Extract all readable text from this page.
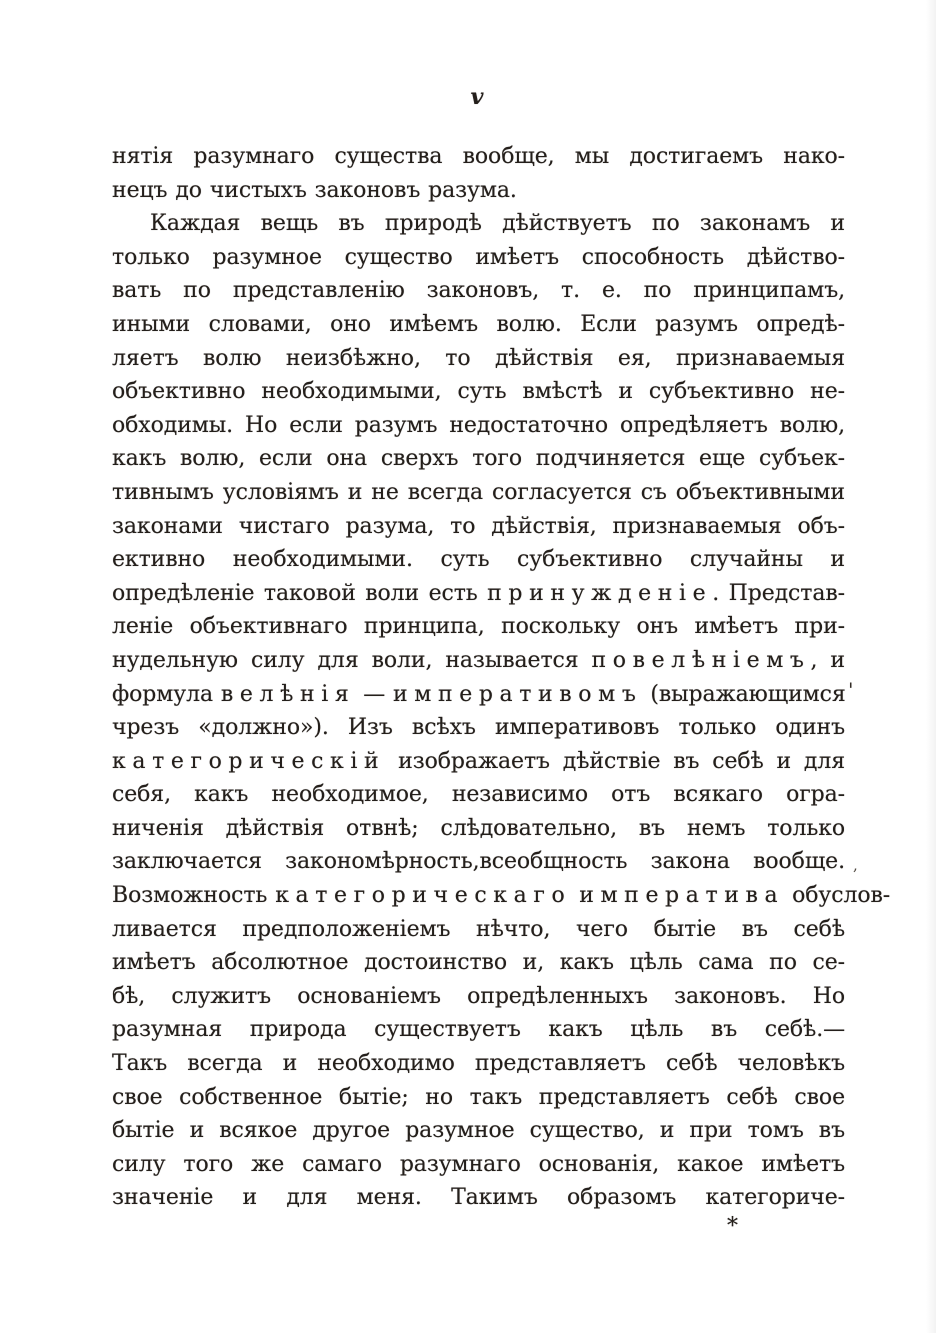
v
нятія разумнаго существа вообще, мы достигаемъ нако-
нецъ до чистыхъ законовъ разума.
Каждая вещь въ природѣ дѣйствуетъ по законамъ и
только разумное существо имѣетъ способность дѣйство-
вать по представленію законовъ, т. е. по принципамъ,
иными словами, оно имѣемъ волю. Если разумъ опредѣ-
ляетъ волю неизбѣжно, то дѣйствія ея, признаваемыя
объективно необходимыми, суть вмѣстѣ и субъективно не-
обходимы. Но если разумъ недостаточно опредѣляетъ волю,
какъ волю, если она сверхъ того подчиняется еще субъек-
тивнымъ условіямъ и не всегда согласуется съ объективными
законами чистаго разума, то дѣйствія, признаваемыя объ-
ективно необходимыми. суть субъективно случайны и
опредѣленіе таковой воли есть принужденіе. Представ-
леніе объективнаго принципа, поскольку онъ имѣетъ при-
нудельную силу для воли, называется повелѣніемъ, и
формула велѣнія — императивомъ (выражающимся
чрезъ «должно»). Изъ всѣхъ императивовъ только одинъ
категорическій изображаетъ дѣйствіе въ себѣ и для
себя, какъ необходимое, независимо отъ всякаго огра-
ниченія дѣйствія отвнѣ; слѣдовательно, въ немъ только
заключается закономѣрность,всеобщность закона вообще.
Возможность категорическаго императива обуслов-
ливается предположеніемъ нѣчто, чего бытіе въ себѣ
имѣетъ абсолютное достоинство и, какъ цѣль сама по се-
бѣ, служитъ основаніемъ опредѣленныхъ законовъ. Но
разумная природа существуетъ какъ цѣль въ себѣ.—
Такъ всегда и необходимо представляетъ себѣ человѣкъ
свое собственное бытіе; но такъ представляетъ себѣ свое
бытіе и всякое другое разумное существо, и при томъ въ
силу того же самаго разумнаго основанія, какое имѣетъ
значеніе и для меня. Такимъ образомъ категориче-
'
,
*
